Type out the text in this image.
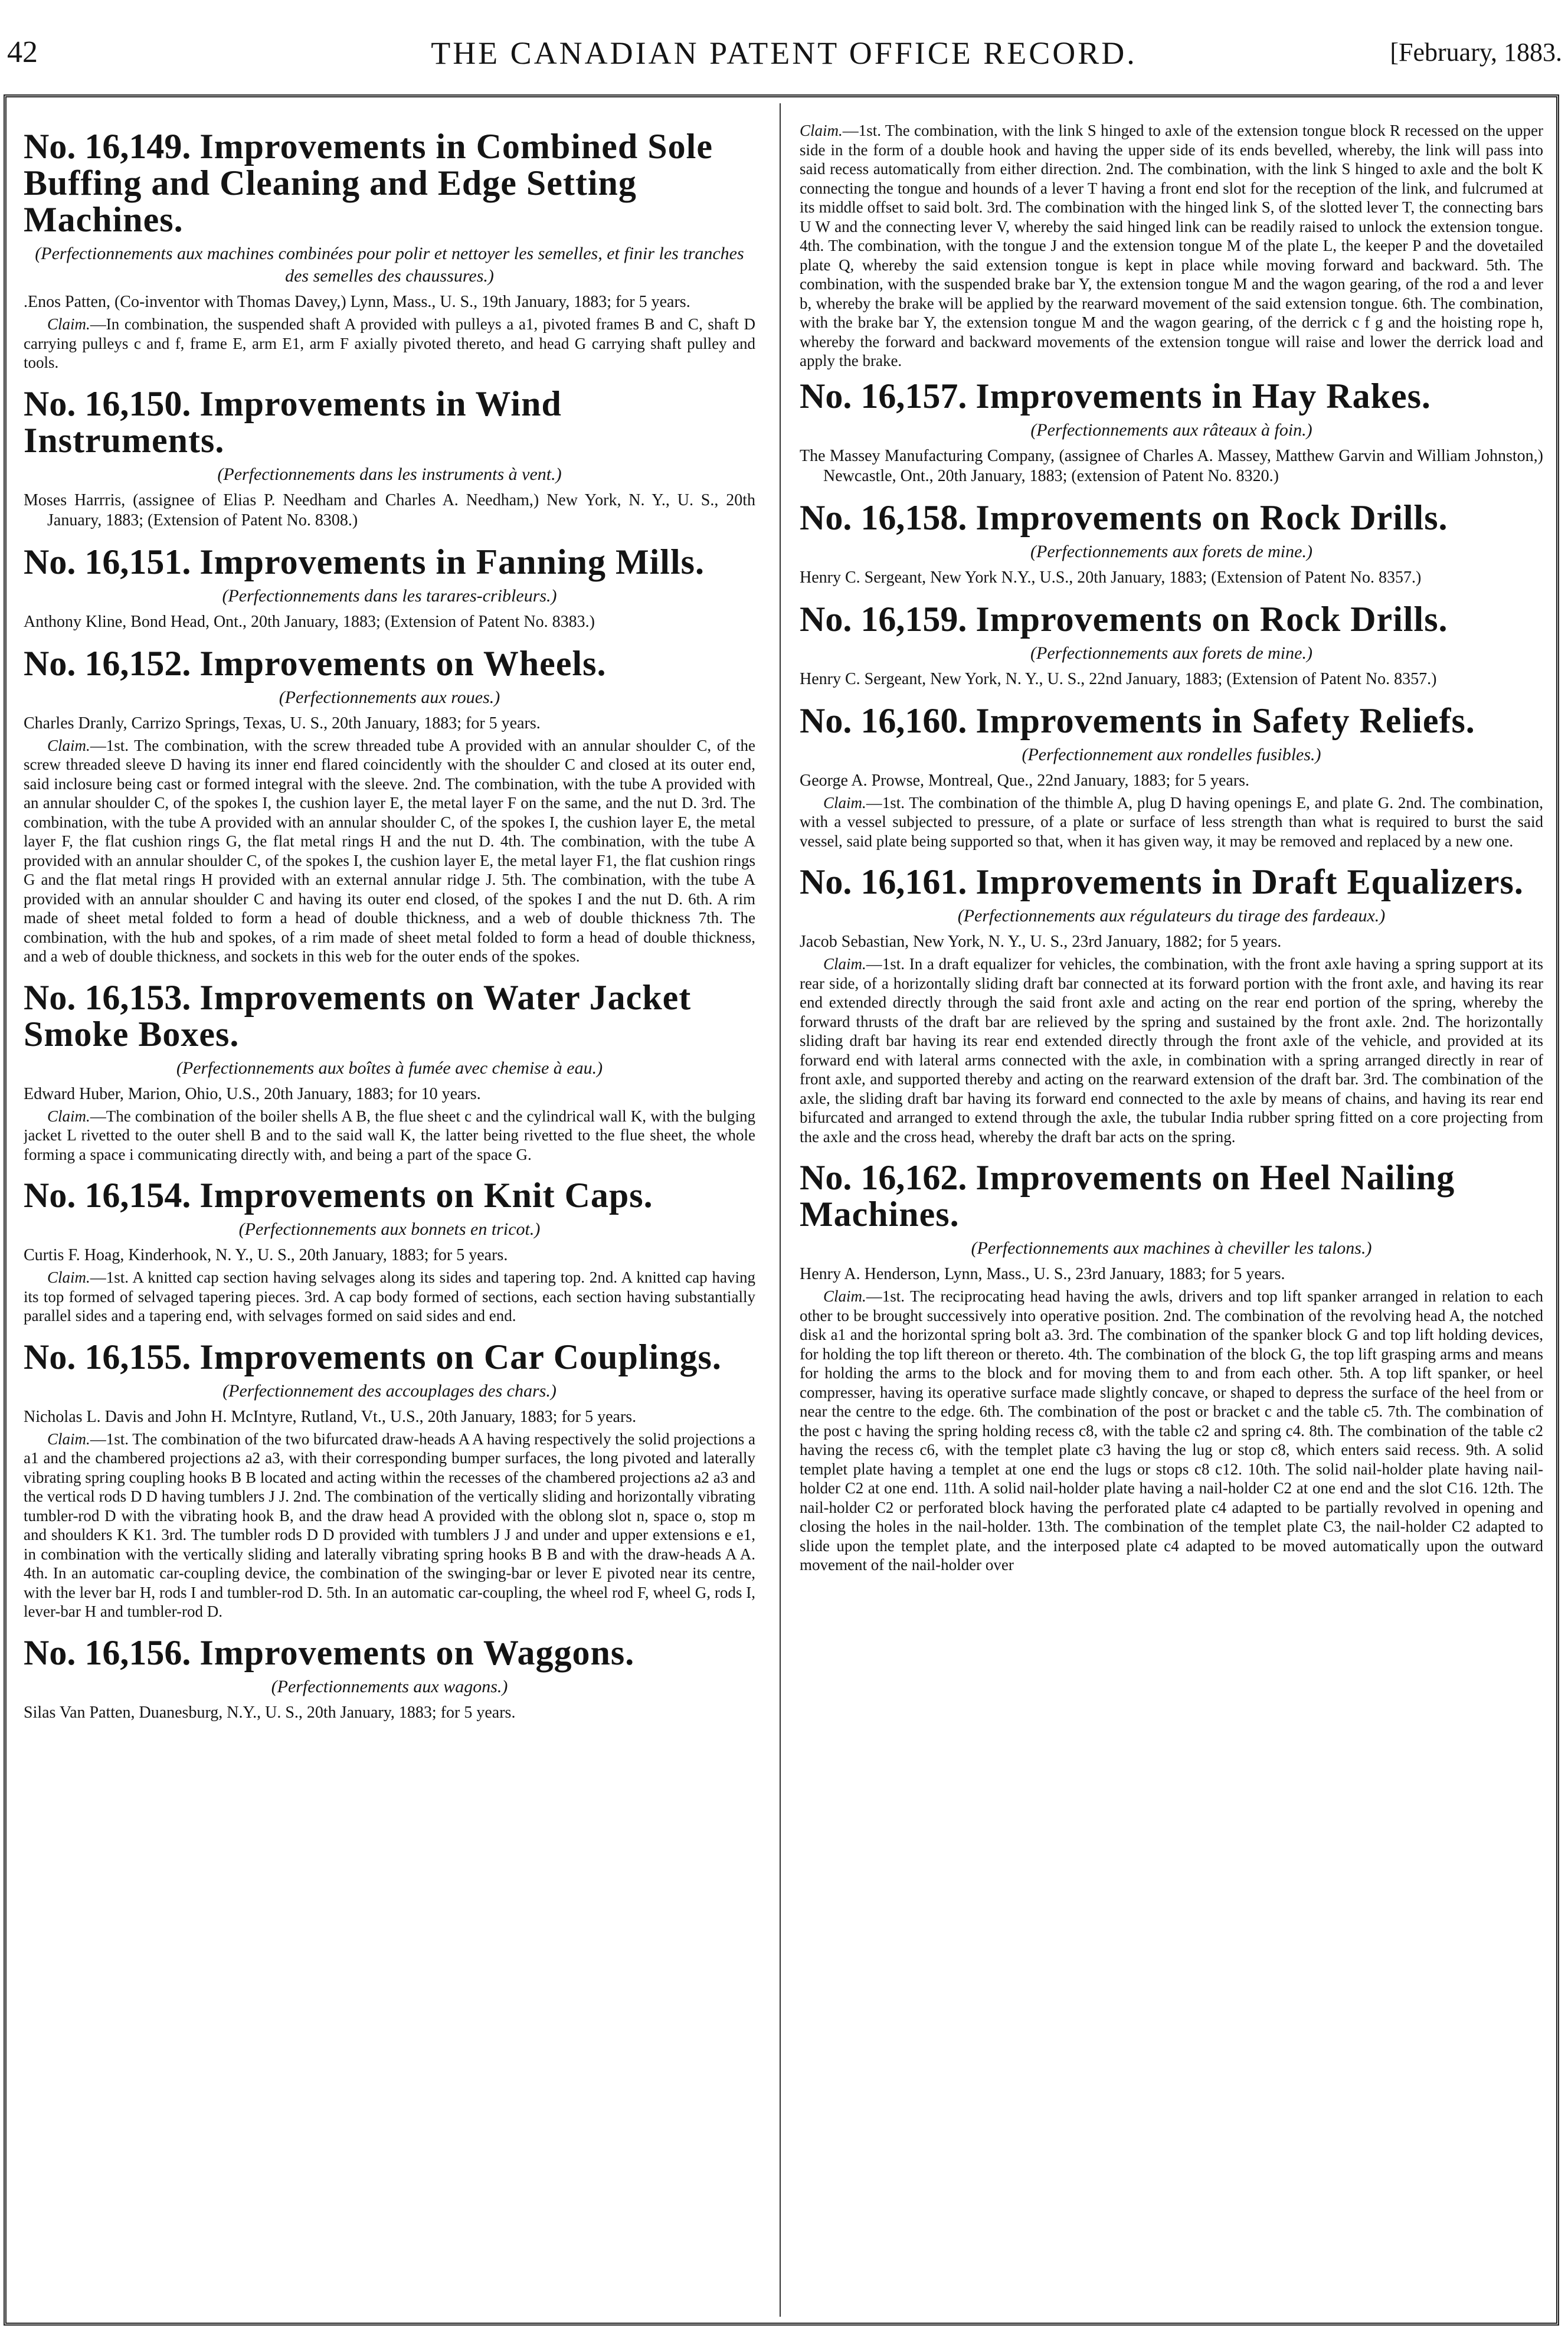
42	THE CANADIAN PATENT OFFICE RECORD.	[February, 1883.
No. 16,149. Improvements in Combined Sole Buffing and Cleaning and Edge Setting Machines.
(Perfectionnements aux machines combinées pour polir et nettoyer les semelles, et finir les tranches des semelles des chaussures.)

.Enos Patten, (Co-inventor with Thomas Davey,) Lynn, Mass., U. S., 19th January, 1883; for 5 years.

Claim.—In combination, the suspended shaft A provided with pulleys a a1, pivoted frames B and C, shaft D carrying pulleys c and f, frame E, arm E1, arm F axially pivoted thereto, and head G carrying shaft pulley and tools.

No. 16,150. Improvements in Wind Instruments.
(Perfectionnements dans les instruments à vent.)

Moses Harrris, (assignee of Elias P. Needham and Charles A. Needham,) New York, N. Y., U. S., 20th January, 1883; (Extension of Patent No. 8308.)

No. 16,151. Improvements in Fanning Mills.
(Perfectionnements dans les tarares-cribleurs.)

Anthony Kline, Bond Head, Ont., 20th January, 1883; (Extension of Patent No. 8383.)

No. 16,152. Improvements on Wheels.
(Perfectionnements aux roues.)

Charles Dranly, Carrizo Springs, Texas, U. S., 20th January, 1883; for 5 years.

Claim.—1st. The combination, with the screw threaded tube A provided with an annular shoulder C, of the screw threaded sleeve D having its inner end flared coincidently with the shoulder C and closed at its outer end, said inclosure being cast or formed integral with the sleeve. 2nd. The combination, with the tube A provided with an annular shoulder C, of the spokes I, the cushion layer E, the metal layer F on the same, and the nut D. 3rd. The combination, with the tube A provided with an annular shoulder C, of the spokes I, the cushion layer E, the metal layer F, the flat cushion rings G, the flat metal rings H and the nut D. 4th. The combination, with the tube A provided with an annular shoulder C, of the spokes I, the cushion layer E, the metal layer F1, the flat cushion rings G and the flat metal rings H provided with an external annular ridge J. 5th. The combination, with the tube A provided with an annular shoulder C and having its outer end closed, of the spokes I and the nut D. 6th. A rim made of sheet metal folded to form a head of double thickness, and a web of double thickness 7th. The combination, with the hub and spokes, of a rim made of sheet metal folded to form a head of double thickness, and a web of double thickness, and sockets in this web for the outer ends of the spokes.

No. 16,153. Improvements on Water Jacket Smoke Boxes.
(Perfectionnements aux boîtes à fumée avec chemise à eau.)

Edward Huber, Marion, Ohio, U.S., 20th January, 1883; for 10 years.

Claim.—The combination of the boiler shells A B, the flue sheet c and the cylindrical wall K, with the bulging jacket L rivetted to the outer shell B and to the said wall K, the latter being rivetted to the flue sheet, the whole forming a space i communicating directly with, and being a part of the space G.

No. 16,154. Improvements on Knit Caps.
(Perfectionnements aux bonnets en tricot.)

Curtis F. Hoag, Kinderhook, N. Y., U. S., 20th January, 1883; for 5 years.

Claim.—1st. A knitted cap section having selvages along its sides and tapering top. 2nd. A knitted cap having its top formed of selvaged tapering pieces. 3rd. A cap body formed of sections, each section having substantially parallel sides and a tapering end, with selvages formed on said sides and end.

No. 16,155. Improvements on Car Couplings.
(Perfectionnement des accouplages des chars.)

Nicholas L. Davis and John H. McIntyre, Rutland, Vt., U.S., 20th January, 1883; for 5 years.

Claim.—1st. The combination of the two bifurcated draw-heads A A having respectively the solid projections a a1 and the chambered projections a2 a3, with their corresponding bumper surfaces, the long pivoted and laterally vibrating spring coupling hooks B B located and acting within the recesses of the chambered projections a2 a3 and the vertical rods D D having tumblers J J. 2nd. The combination of the vertically sliding and horizontally vibrating tumbler-rod D with the vibrating hook B, and the draw head A provided with the oblong slot n, space o, stop m and shoulders K K1. 3rd. The tumbler rods D D provided with tumblers J J and under and upper extensions e e1, in combination with the vertically sliding and laterally vibrating spring hooks B B and with the draw-heads A A. 4th. In an automatic car-coupling device, the combination of the swinging-bar or lever E pivoted near its centre, with the lever bar H, rods I and tumbler-rod D. 5th. In an automatic car-coupling, the wheel rod F, wheel G, rods I, lever-bar H and tumbler-rod D.

No. 16,156. Improvements on Waggons.
(Perfectionnements aux wagons.)

Silas Van Patten, Duanesburg, N.Y., U. S., 20th January, 1883; for 5 years.

Claim.—1st. The combination, with the link S hinged to axle of the extension tongue block R recessed on the upper side in the form of a double hook and having the upper side of its ends bevelled, whereby, the link will pass into said recess automatically from either direction. 2nd. The combination, with the link S hinged to axle and the bolt K connecting the tongue and hounds of a lever T having a front end slot for the reception of the link, and fulcrumed at its middle offset to said bolt. 3rd. The combination with the hinged link S, of the slotted lever T, the connecting bars U W and the connecting lever V, whereby the said hinged link can be readily raised to unlock the extension tongue. 4th. The combination, with the tongue J and the extension tongue M of the plate L, the keeper P and the dovetailed plate Q, whereby the said extension tongue is kept in place while moving forward and backward. 5th. The combination, with the suspended brake bar Y, the extension tongue M and the wagon gearing, of the rod a and lever b, whereby the brake will be applied by the rearward movement of the said extension tongue. 6th. The combination, with the brake bar Y, the extension tongue M and the wagon gearing, of the derrick c f g and the hoisting rope h, whereby the forward and backward movements of the extension tongue will raise and lower the derrick load and apply the brake.

No. 16,157. Improvements in Hay Rakes.
(Perfectionnements aux râteaux à foin.)

The Massey Manufacturing Company, (assignee of Charles A. Massey, Matthew Garvin and William Johnston,) Newcastle, Ont., 20th January, 1883; (extension of Patent No. 8320.)

No. 16,158. Improvements on Rock Drills.
(Perfectionnements aux forets de mine.)

Henry C. Sergeant, New York N.Y., U.S., 20th January, 1883; (Extension of Patent No. 8357.)

No. 16,159. Improvements on Rock Drills.
(Perfectionnements aux forets de mine.)

Henry C. Sergeant, New York, N. Y., U. S., 22nd January, 1883; (Extension of Patent No. 8357.)

No. 16,160. Improvements in Safety Reliefs.
(Perfectionnement aux rondelles fusibles.)

George A. Prowse, Montreal, Que., 22nd January, 1883; for 5 years.

Claim.—1st. The combination of the thimble A, plug D having openings E, and plate G. 2nd. The combination, with a vessel subjected to pressure, of a plate or surface of less strength than what is required to burst the said vessel, said plate being supported so that, when it has given way, it may be removed and replaced by a new one.

No. 16,161. Improvements in Draft Equalizers.
(Perfectionnements aux régulateurs du tirage des fardeaux.)

Jacob Sebastian, New York, N. Y., U. S., 23rd January, 1882; for 5 years.

Claim.—1st. In a draft equalizer for vehicles, the combination, with the front axle having a spring support at its rear side, of a horizontally sliding draft bar connected at its forward portion with the front axle, and having its rear end extended directly through the said front axle and acting on the rear end portion of the spring, whereby the forward thrusts of the draft bar are relieved by the spring and sustained by the front axle. 2nd. The horizontally sliding draft bar having its rear end extended directly through the front axle of the vehicle, and provided at its forward end with lateral arms connected with the axle, in combination with a spring arranged directly in rear of front axle, and supported thereby and acting on the rearward extension of the draft bar. 3rd. The combination of the axle, the sliding draft bar having its forward end connected to the axle by means of chains, and having its rear end bifurcated and arranged to extend through the axle, the tubular India rubber spring fitted on a core projecting from the axle and the cross head, whereby the draft bar acts on the spring.

No. 16,162. Improvements on Heel Nailing Machines.
(Perfectionnements aux machines à cheviller les talons.)

Henry A. Henderson, Lynn, Mass., U. S., 23rd January, 1883; for 5 years.

Claim.—1st. The reciprocating head having the awls, drivers and top lift spanker arranged in relation to each other to be brought successively into operative position. 2nd. The combination of the revolving head A, the notched disk a1 and the horizontal spring bolt a3. 3rd. The combination of the spanker block G and top lift holding devices, for holding the top lift thereon or thereto. 4th. The combination of the block G, the top lift grasping arms and means for holding the arms to the block and for moving them to and from each other. 5th. A top lift spanker, or heel compresser, having its operative surface made slightly concave, or shaped to depress the surface of the heel from or near the centre to the edge. 6th. The combination of the post or bracket c and the table c5. 7th. The combination of the post c having the spring holding recess c8, with the table c2 and spring c4. 8th. The combination of the table c2 having the recess c6, with the templet plate c3 having the lug or stop c8, which enters said recess. 9th. A solid templet plate having a templet at one end the lugs or stops c8 c12. 10th. The solid nail-holder plate having nail-holder C2 at one end. 11th. A solid nail-holder plate having a nail-holder C2 at one end and the slot C16. 12th. The nail-holder C2 or perforated block having the perforated plate c4 adapted to be partially revolved in opening and closing the holes in the nail-holder. 13th. The combination of the templet plate C3, the nail-holder C2 adapted to slide upon the templet plate, and the interposed plate c4 adapted to be moved automatically upon the outward movement of the nail-holder over
